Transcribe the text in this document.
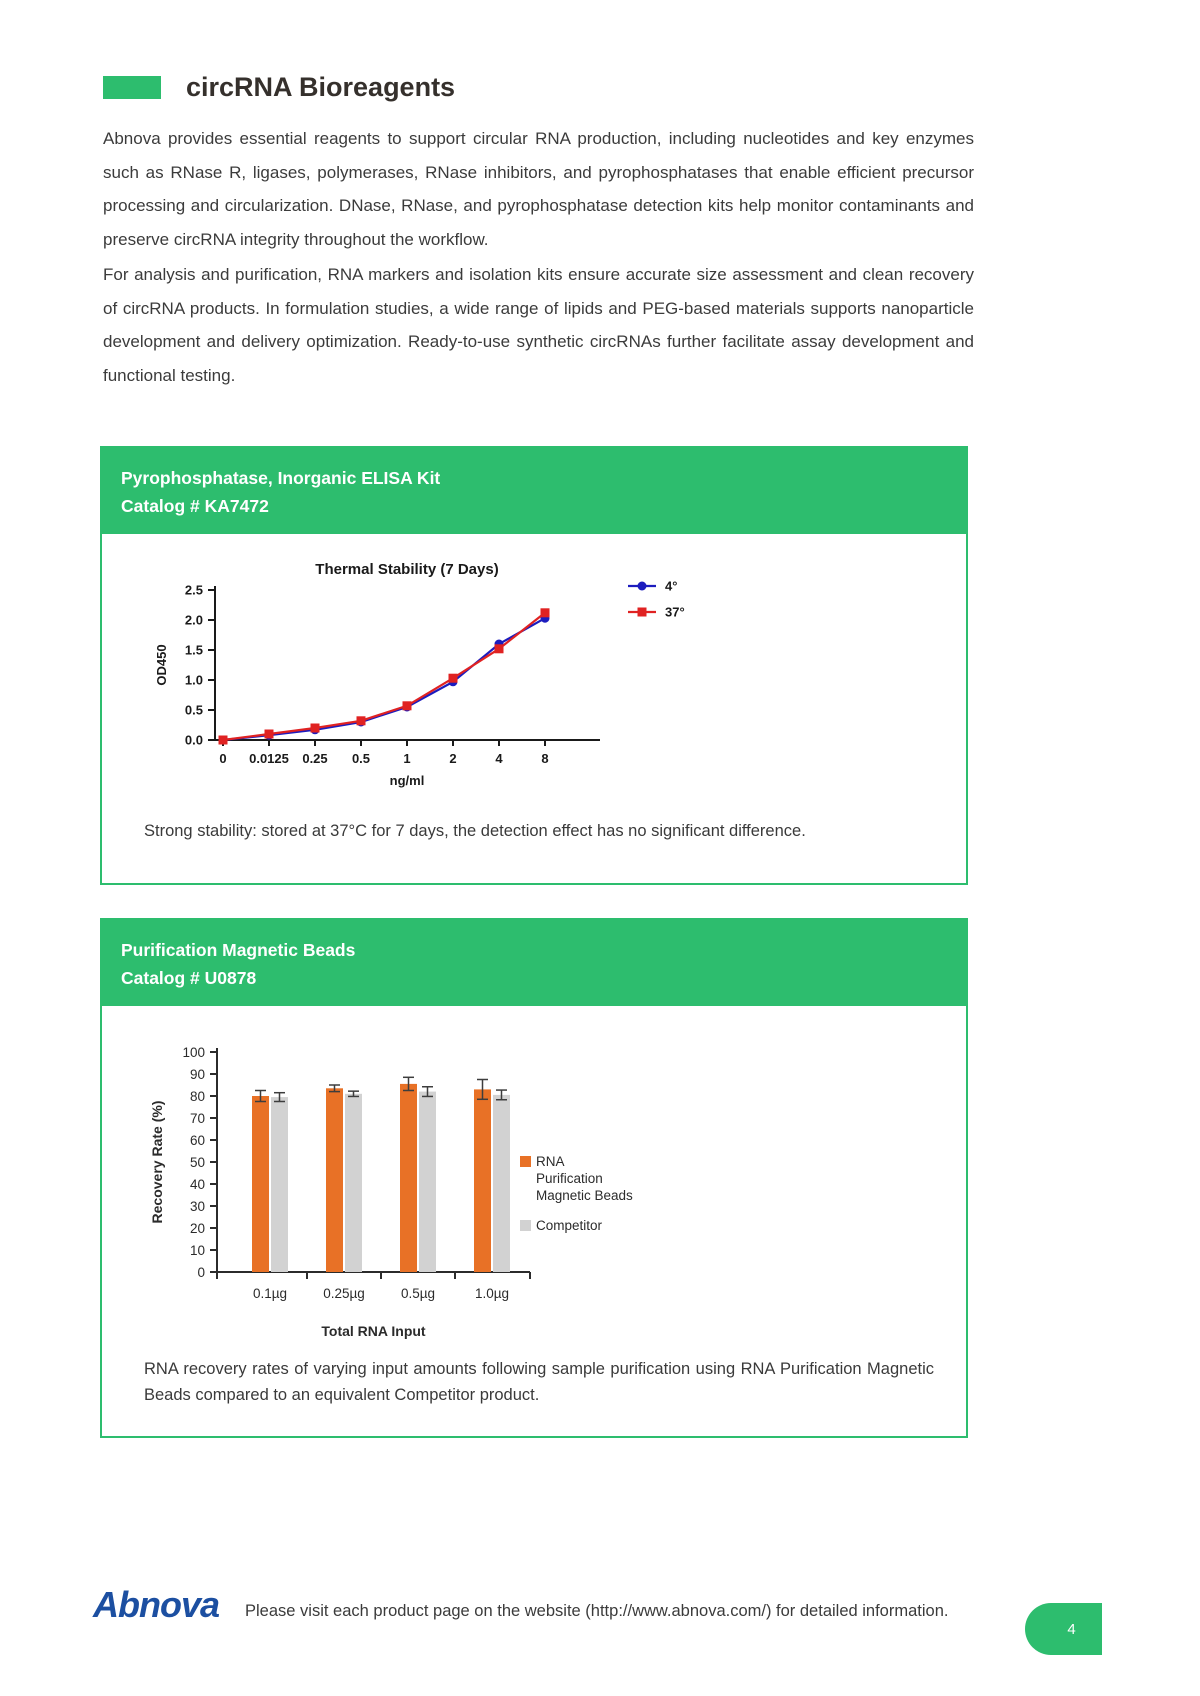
circRNA Bioreagents

Abnova provides essential reagents to support circular RNA production, including nucleotides and key enzymes such as RNase R, ligases, polymerases, RNase inhibitors, and pyrophosphatases that enable efficient precursor processing and circularization. DNase, RNase, and pyrophosphatase detection kits help monitor contaminants and preserve circRNA integrity throughout the workflow.

For analysis and purification, RNA markers and isolation kits ensure accurate size assessment and clean recovery of circRNA products. In formulation studies, a wide range of lipids and PEG-based materials supports nanoparticle development and delivery optimization. Ready-to-use synthetic circRNAs further facilitate assay development and functional testing.

Pyrophosphatase, Inorganic ELISA Kit
Catalog # KA7472
Thermal Stability (7 Days)
0.0
0.5
1.0
1.5
2.0
2.5
0 0.0125 0.25 0.5	1	2	4	8
ng/ml
OD450
4°
37°

Strong stability: stored at 37°C for 7 days, the detection effect has no significant difference.

Purification Magnetic Beads
Catalog # U0878
0
10
20
30
40
50
60
70
80
90
100
0.1µg	0.25µg	0.5µg	1.0µg
Total RNA Input
Recovery Rate (%)	RNA
Purification
Magnetic Beads
Competitor

RNA recovery rates of varying input amounts following sample purification using RNA Purification Magnetic Beads compared to an equivalent Competitor product.

Abnova Please visit each product page on the website (http://www.abnova.com/) for detailed information.
4
